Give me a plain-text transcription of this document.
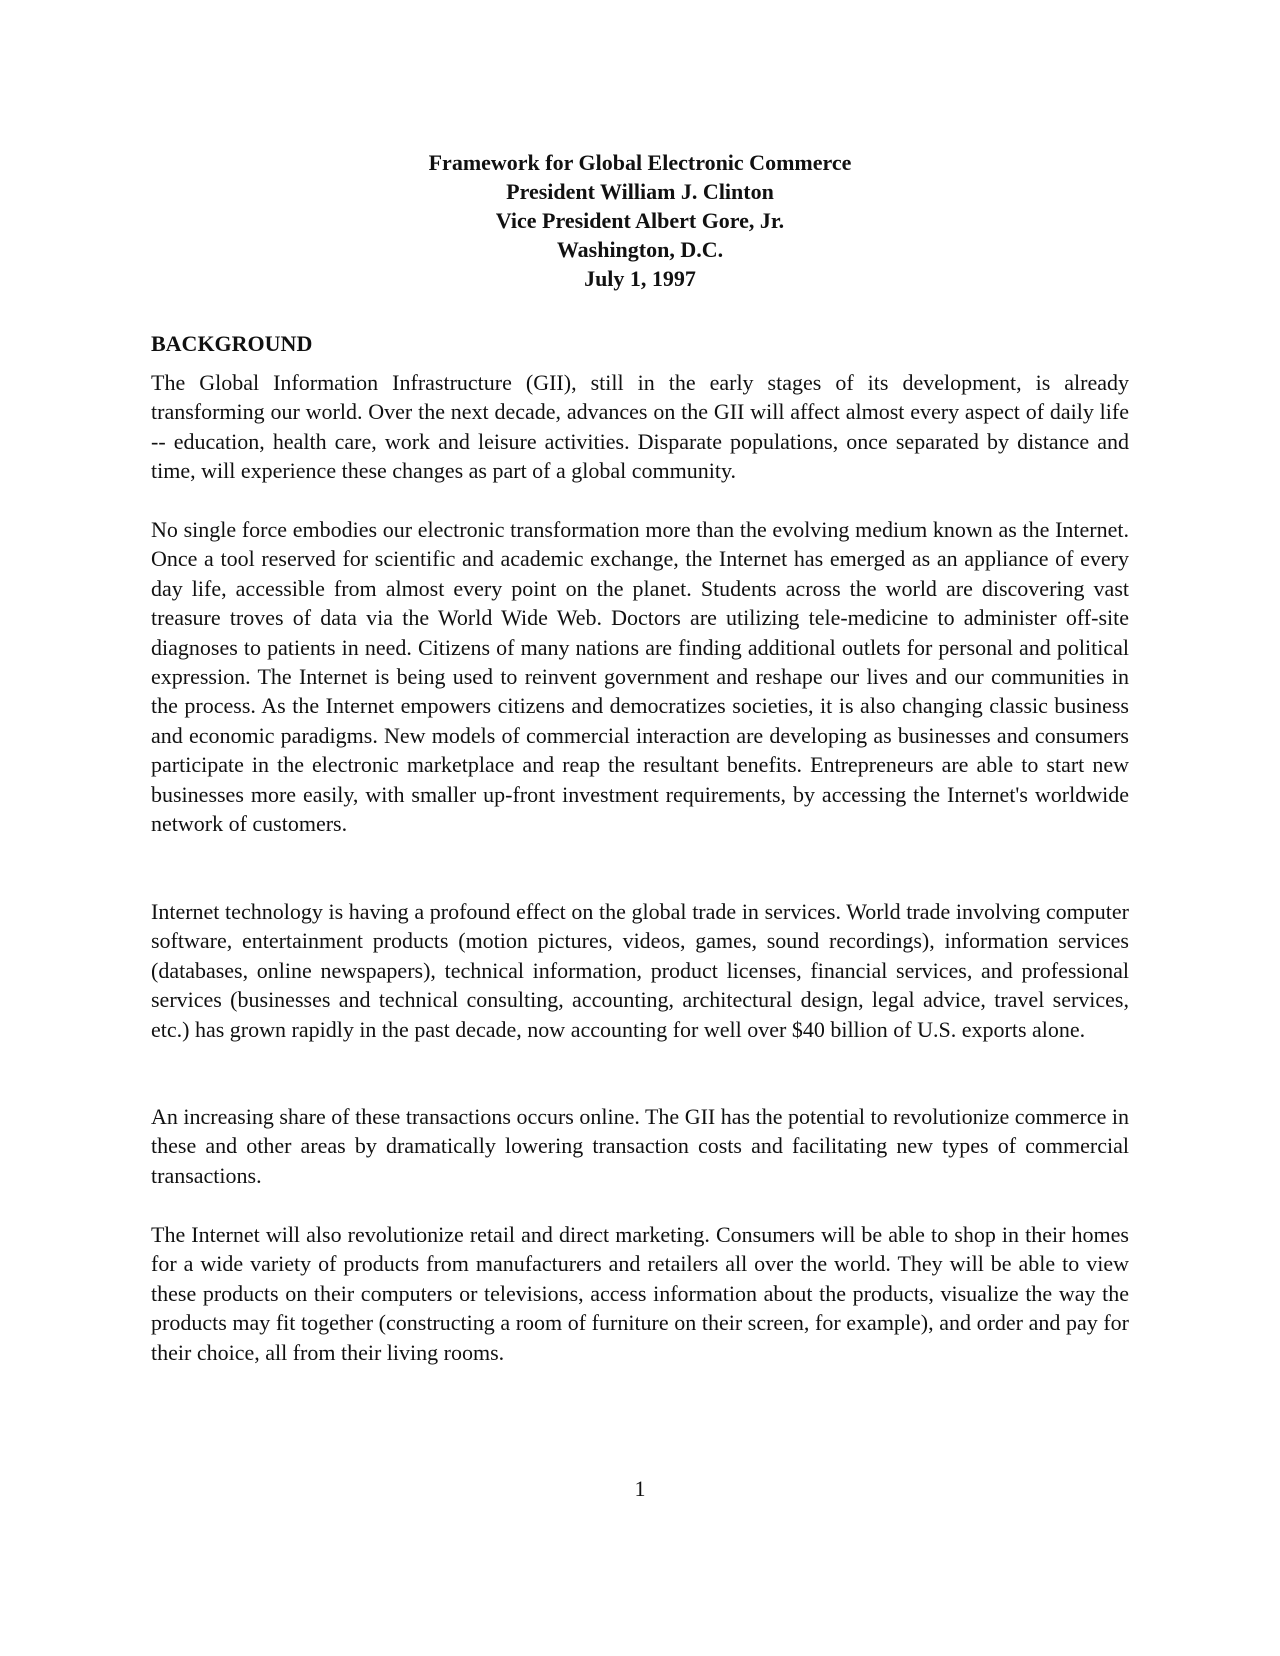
Framework for Global Electronic Commerce
President William J. Clinton
Vice President Albert Gore, Jr.
Washington, D.C.
July 1, 1997
BACKGROUND

The Global Information Infrastructure (GII), still in the early stages of its development, is already transforming our world. Over the next decade, advances on the GII will affect almost every aspect of daily life -- education, health care, work and leisure activities. Disparate populations, once separated by distance and time, will experience these changes as part of a global community.

No single force embodies our electronic transformation more than the evolving medium known as the Internet. Once a tool reserved for scientific and academic exchange, the Internet has emerged as an appliance of every day life, accessible from almost every point on the planet. Students across the world are discovering vast treasure troves of data via the World Wide Web. Doctors are utilizing tele-medicine to administer off-site diagnoses to patients in need. Citizens of many nations are finding additional outlets for personal and political expression. The Internet is being used to reinvent government and reshape our lives and our communities in the process. As the Internet empowers citizens and democratizes societies, it is also changing classic business and economic paradigms. New models of commercial interaction are developing as businesses and consumers participate in the electronic marketplace and reap the resultant benefits. Entrepreneurs are able to start new businesses more easily, with smaller up-front investment requirements, by accessing the Internet's worldwide network of customers.

Internet technology is having a profound effect on the global trade in services. World trade involving computer software, entertainment products (motion pictures, videos, games, sound recordings), information services (databases, online newspapers), technical information, product licenses, financial services, and professional services (businesses and technical consulting, accounting, architectural design, legal advice, travel services, etc.) has grown rapidly in the past decade, now accounting for well over $40 billion of U.S. exports alone.

An increasing share of these transactions occurs online. The GII has the potential to revolutionize commerce in these and other areas by dramatically lowering transaction costs and facilitating new types of commercial transactions.

The Internet will also revolutionize retail and direct marketing. Consumers will be able to shop in their homes for a wide variety of products from manufacturers and retailers all over the world. They will be able to view these products on their computers or televisions, access information about the products, visualize the way the products may fit together (constructing a room of furniture on their screen, for example), and order and pay for their choice, all from their living rooms.

1
